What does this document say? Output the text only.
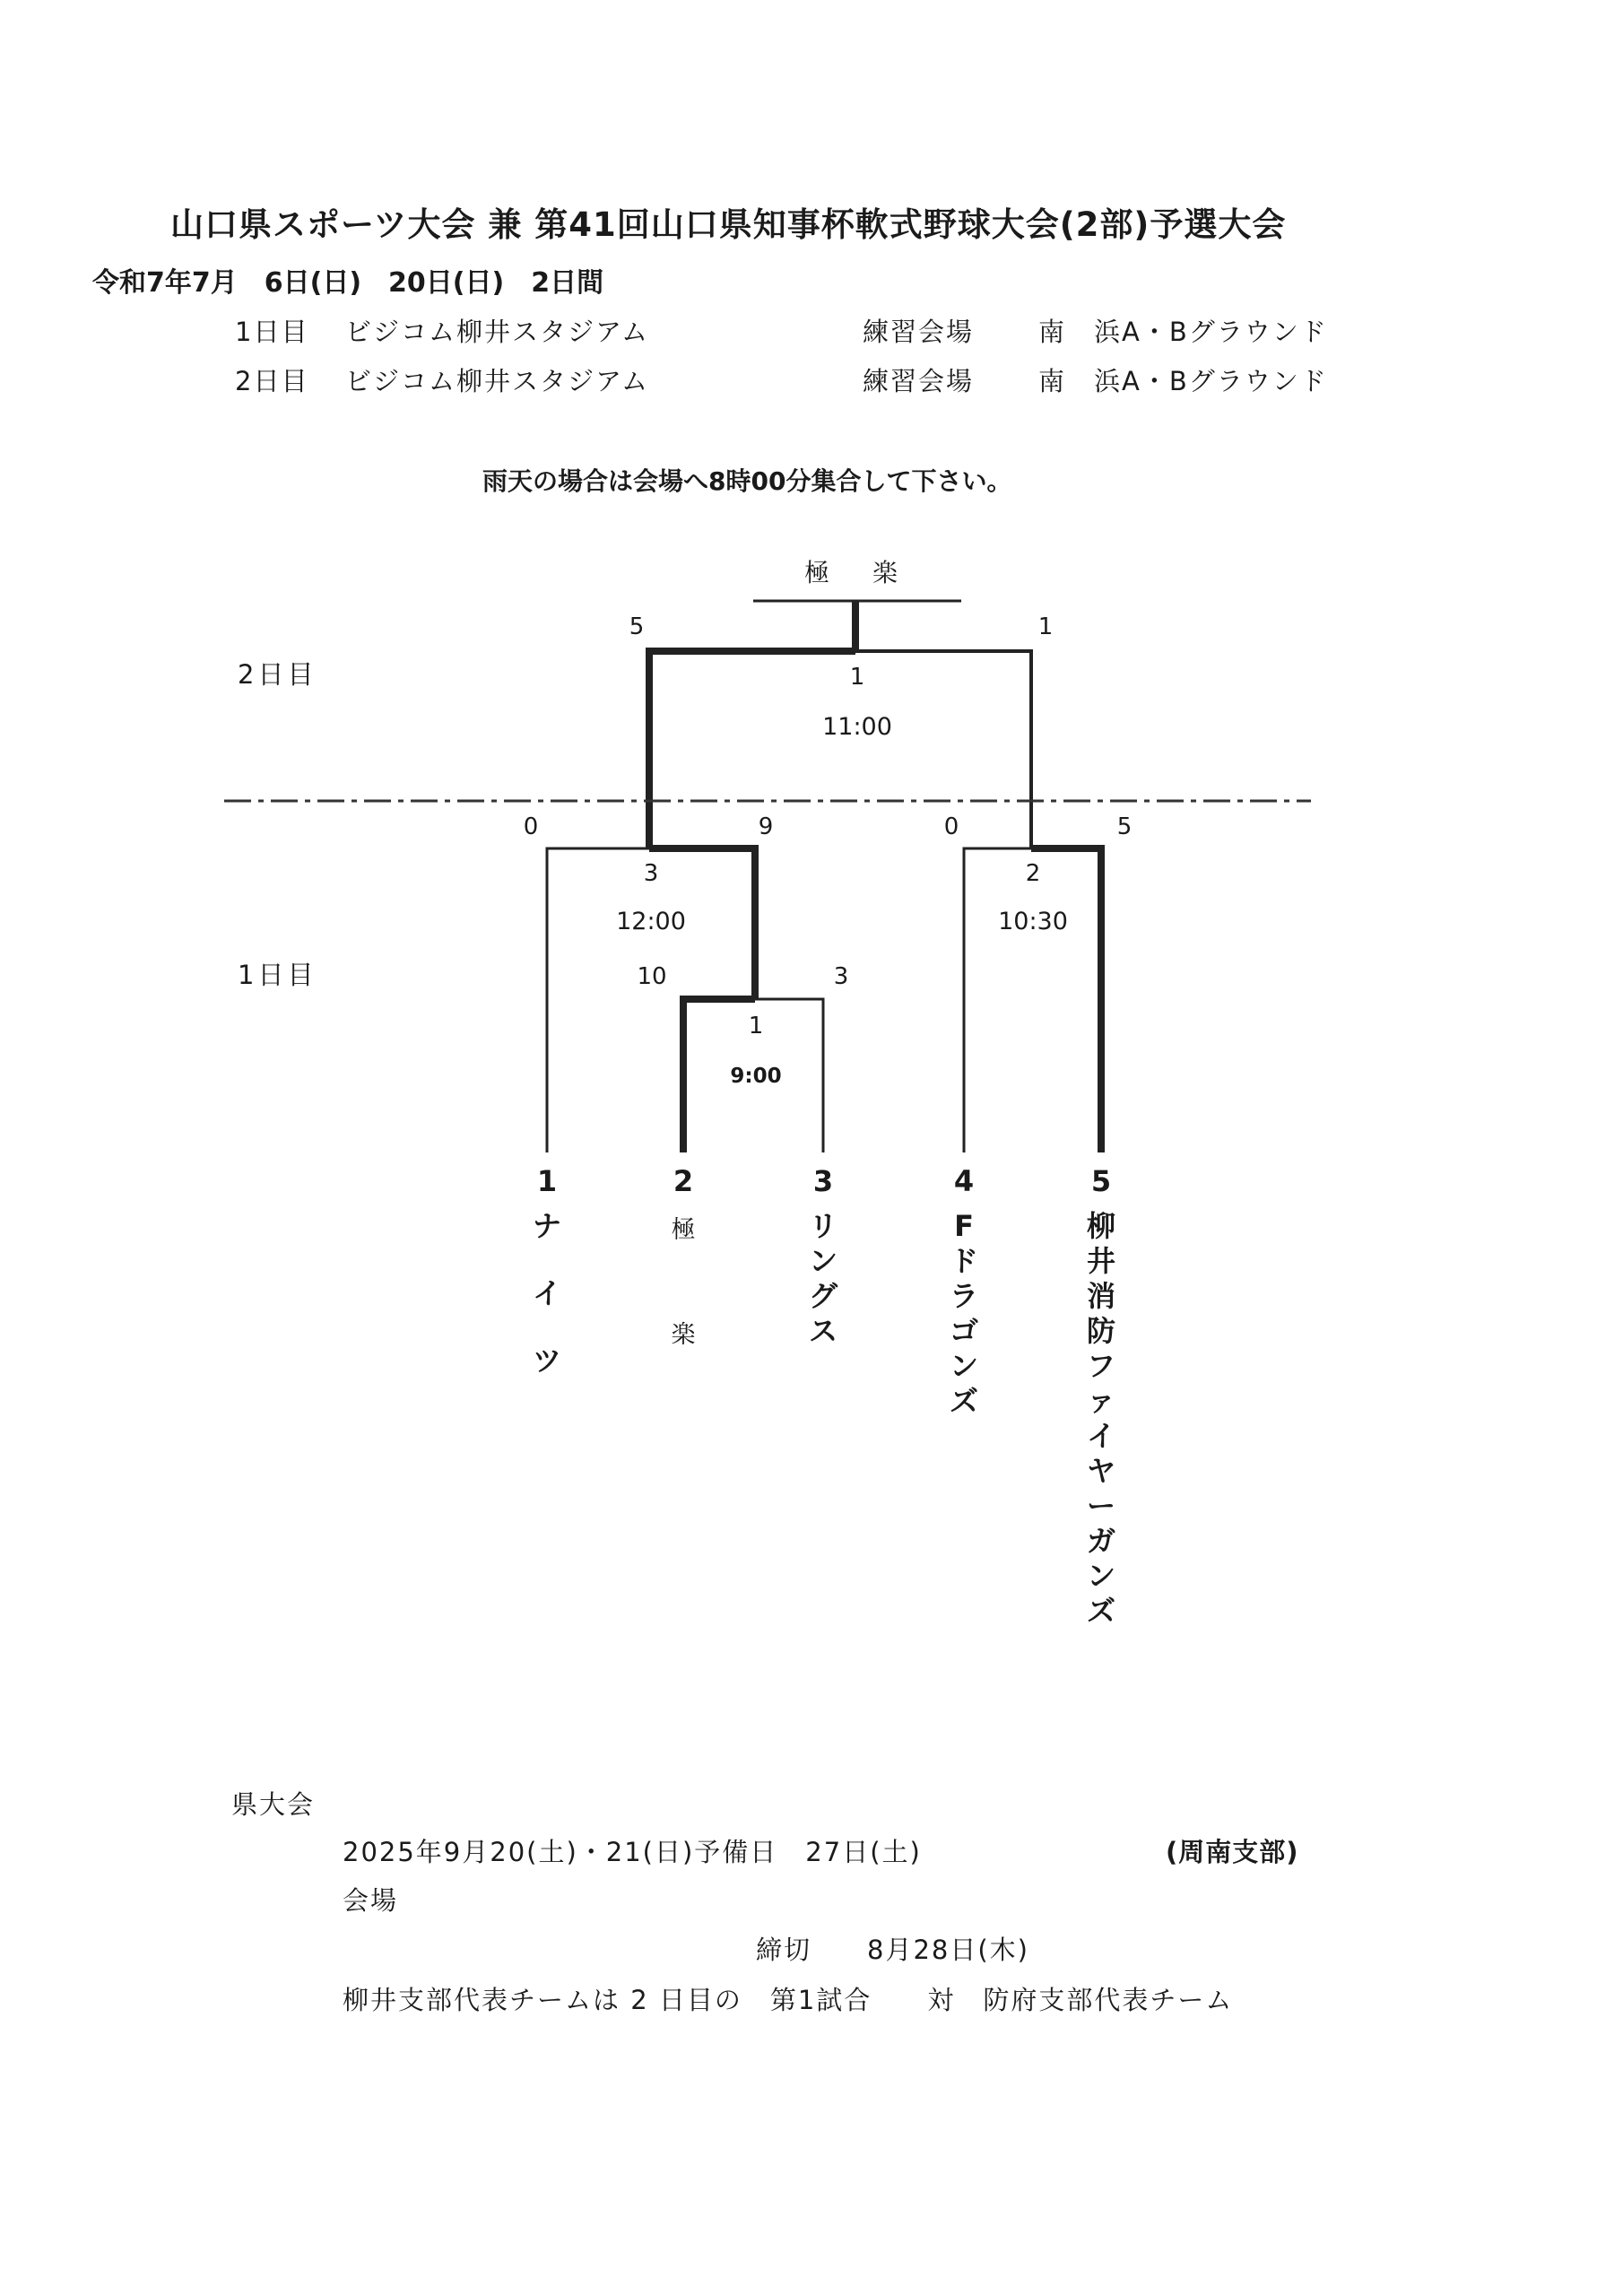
山口県スポーツ大会 兼 第41回山口県知事杯軟式野球大会(2部)予選大会
令和7年7月　6日(日)　20日(日)　2日間
1日目 ビジコム柳井スタジアム	練習会場 南　浜A・Bグラウンド
2日目 ビジコム柳井スタジアム	練習会場 南　浜A・Bグラウンド
雨天の場合は会場へ8時00分集合して下さい。
極　楽
5	1
1
11:00
2日目
1日目
0	9
3
12:00
10	3
1
9:00
0	5
2
10:30
1	2	3	4	5
ナ
イ
ツ
極
楽
リ
ン
グ
ス
F
ド
ラ
ゴ
ン
ズ
柳
井
消
防
フ
ァ
イ
ヤ
ー
ガ
ン
ズ
県大会
2025年9月20(土)・21(日)予備日　27日(土)	(周南支部)
会場
締切　　8月28日(木)
柳井支部代表チームは 2 日目の　第1試合　　対　防府支部代表チーム
